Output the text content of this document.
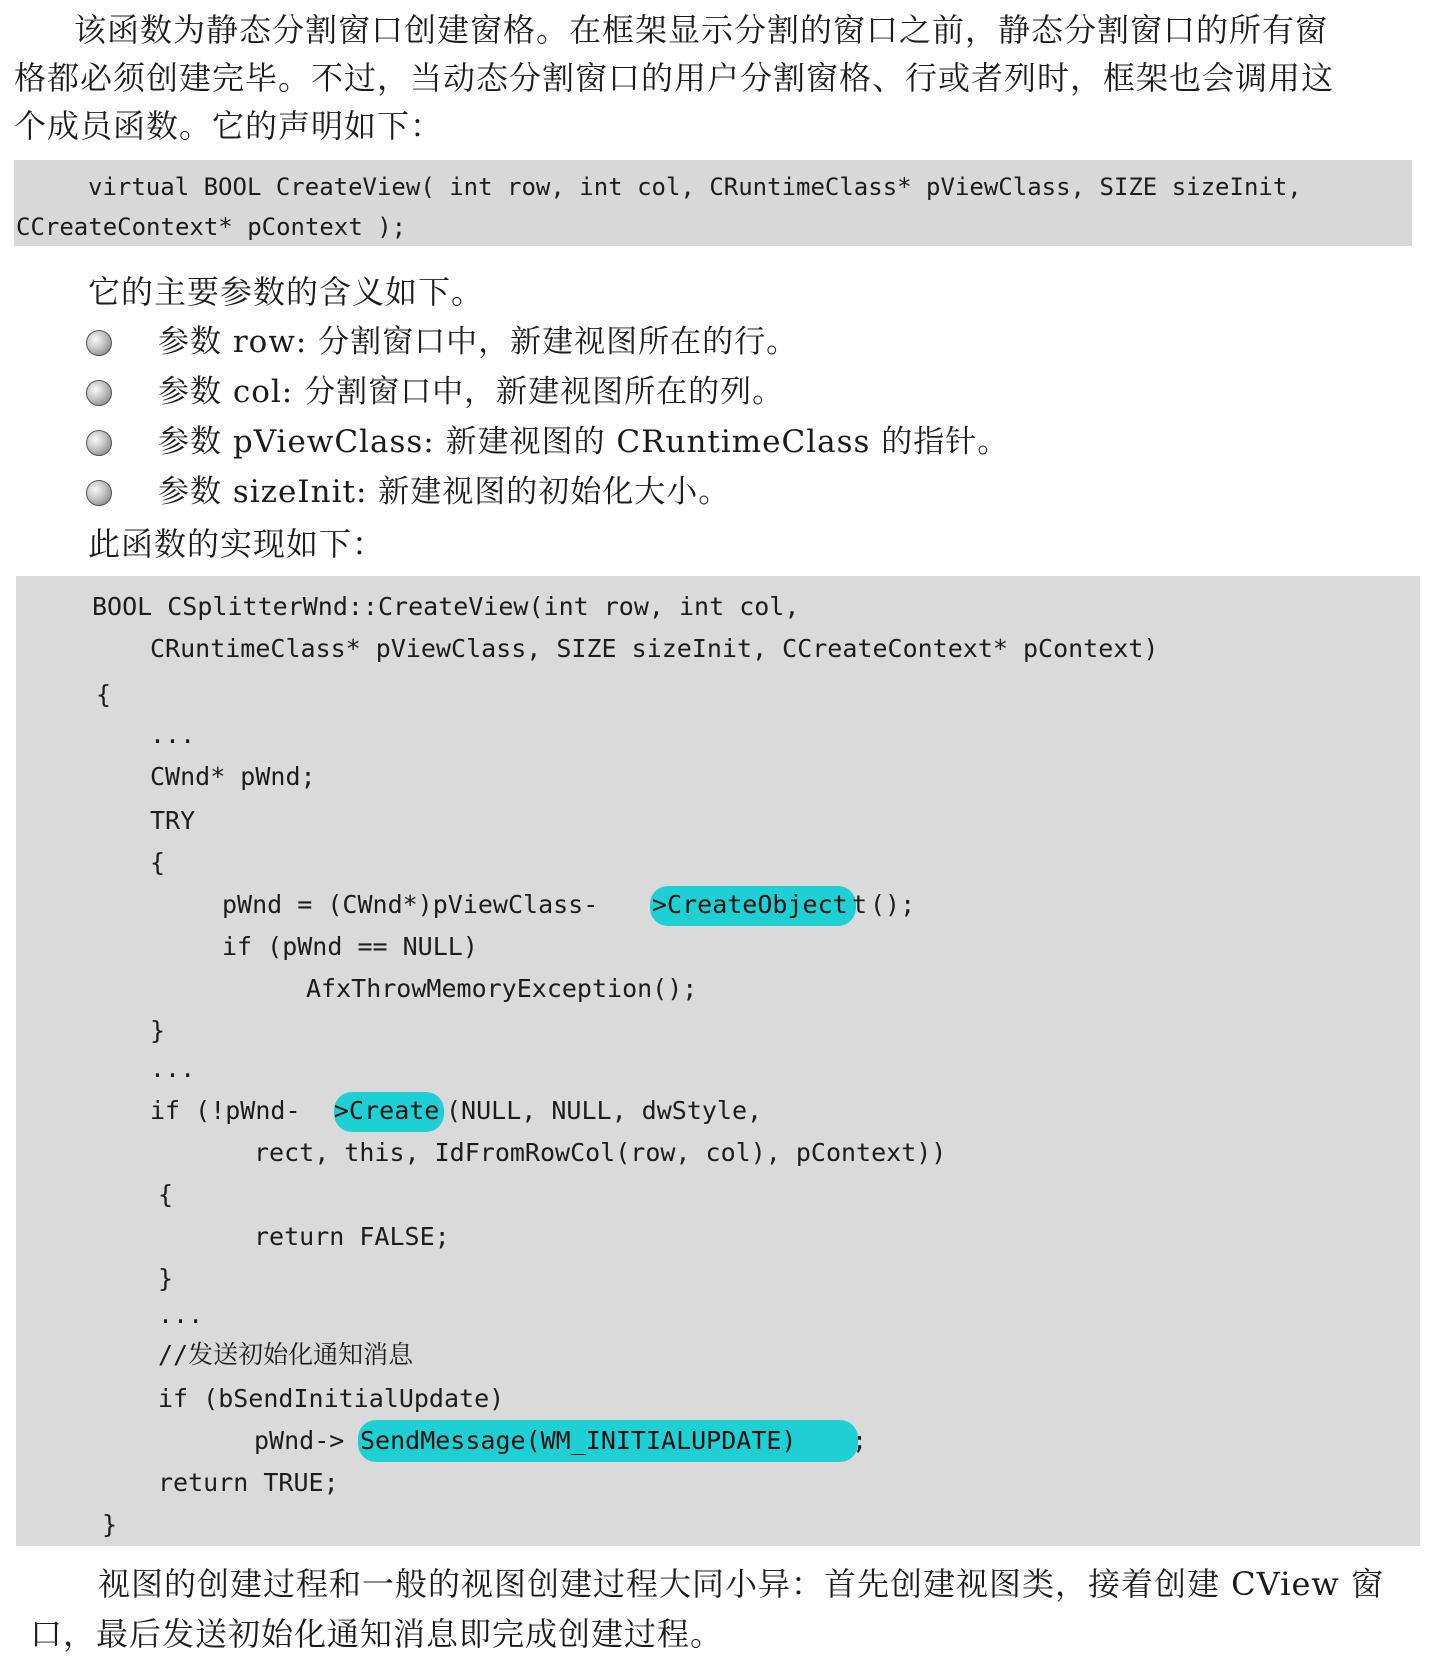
该函数为静态分割窗口创建窗格。在框架显示分割的窗口之前，静态分割窗口的所有窗
格都必须创建完毕。不过，当动态分割窗口的用户分割窗格、行或者列时，框架也会调用这
个成员函数。它的声明如下：
virtual BOOL CreateView( int row, int col, CRuntimeClass* pViewClass, SIZE sizeInit,
CCreateContext* pContext );
它的主要参数的含义如下。
参数 row: 分割窗口中，新建视图所在的行。
参数 col: 分割窗口中，新建视图所在的列。
参数 pViewClass: 新建视图的 CRuntimeClass 的指针。
参数 sizeInit: 新建视图的初始化大小。
此函数的实现如下：
BOOL CSplitterWnd::CreateView(int row, int col,
CRuntimeClass* pViewClass, SIZE sizeInit, CCreateContext* pContext)
{
...
CWnd* pWnd;
TRY
{
pWnd = (CWnd*)pViewClass- >CreateObject t ();
if (pWnd == NULL)
AfxThrowMemoryException();
}
...
if (!pWnd- >Create (NULL, NULL, dwStyle,
rect, this, IdFromRowCol(row, col), pContext))
{
return FALSE;
}
...
//发送初始化通知消息
if (bSendInitialUpdate)
pWnd-> SendMessage(WM_INITIALUPDATE) ;
return TRUE;
}
视图的创建过程和一般的视图创建过程大同小异：首先创建视图类，接着创建 CView 窗
口，最后发送初始化通知消息即完成创建过程。
